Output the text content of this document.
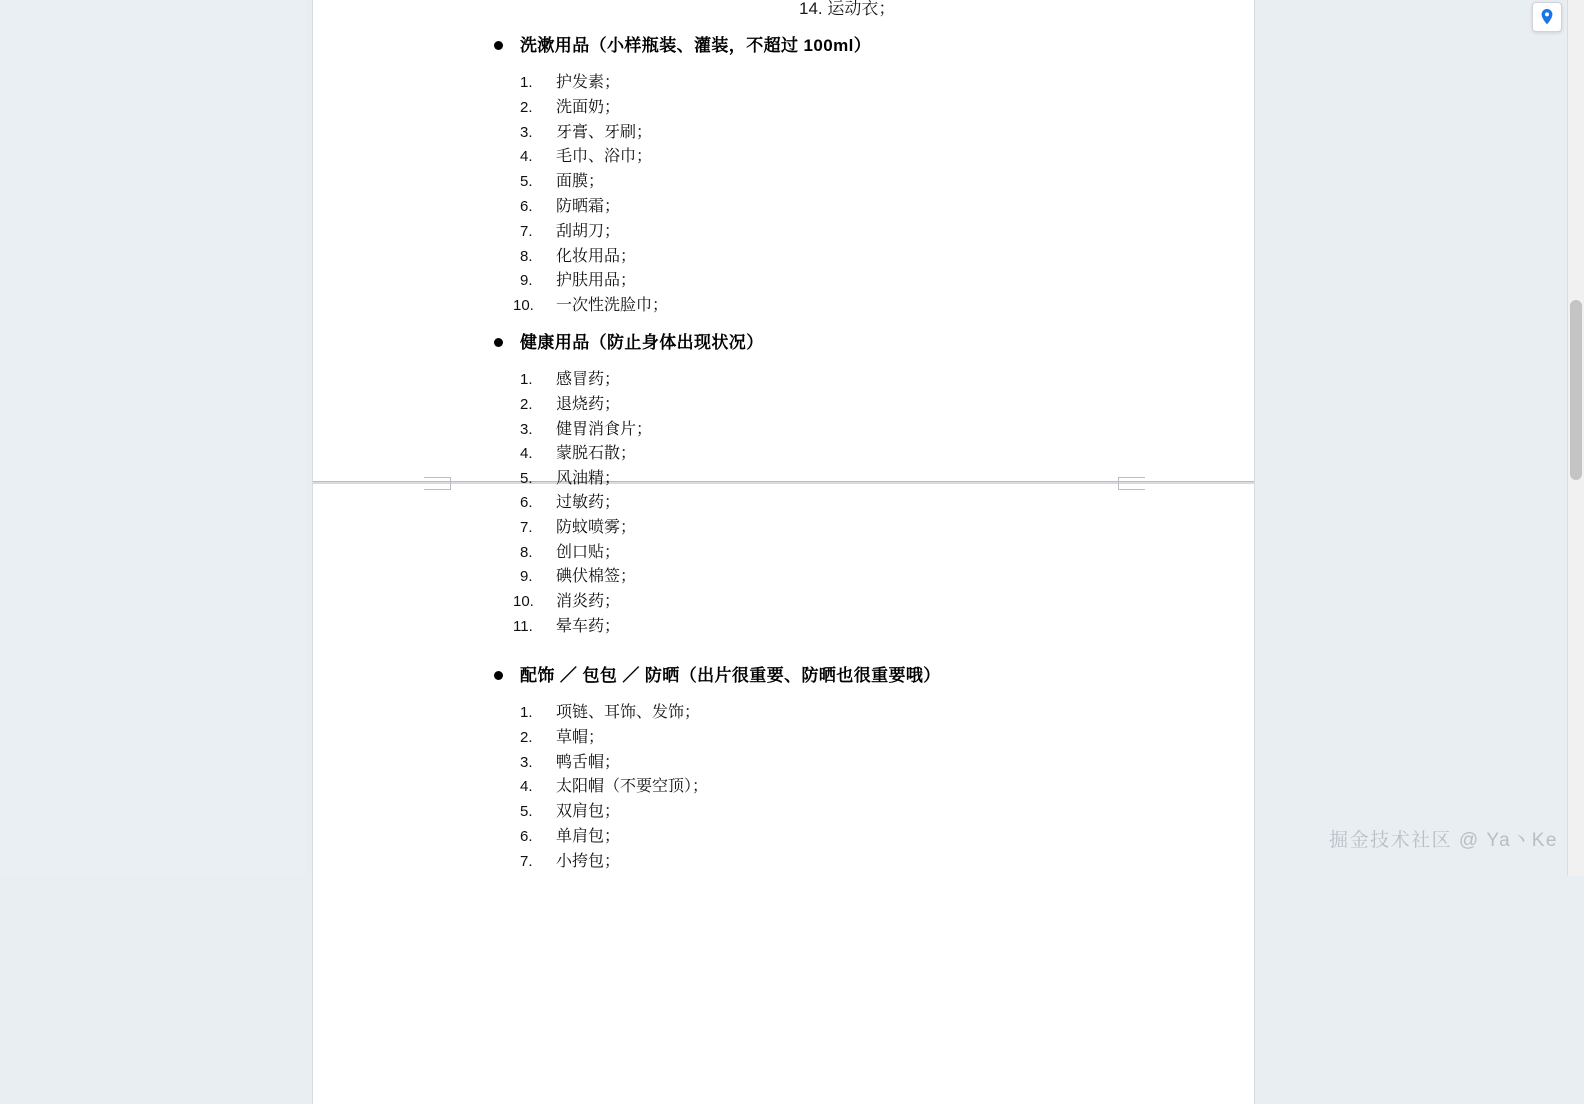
14. 运动衣；
洗漱用品（小样瓶装、灌装，不超过 100ml）
1.	护发素；
2.	洗面奶；
3.	牙膏、牙刷；
4.	毛巾、浴巾；
5.	面膜；
6.	防晒霜；
7.	刮胡刀；
8.	化妆用品；
9.	护肤用品；
10.	一次性洗脸巾；
健康用品（防止身体出现状况）
1.	感冒药；
2.	退烧药；
3.	健胃消食片；
4.	蒙脱石散；
5.	风油精；
6.	过敏药；
7.	防蚊喷雾；
8.	创口贴；
9.	碘伏棉签；
10.	消炎药；
11.	晕车药；
配饰 ／ 包包 ／ 防晒（出片很重要、防晒也很重要哦）
1.	项链、耳饰、发饰；
2.	草帽；
3.	鸭舌帽；
4.	太阳帽（不要空顶）；
5.	双肩包；
6.	单肩包；
7.	小挎包；
掘金技术社区 @ Ya丶Ke
